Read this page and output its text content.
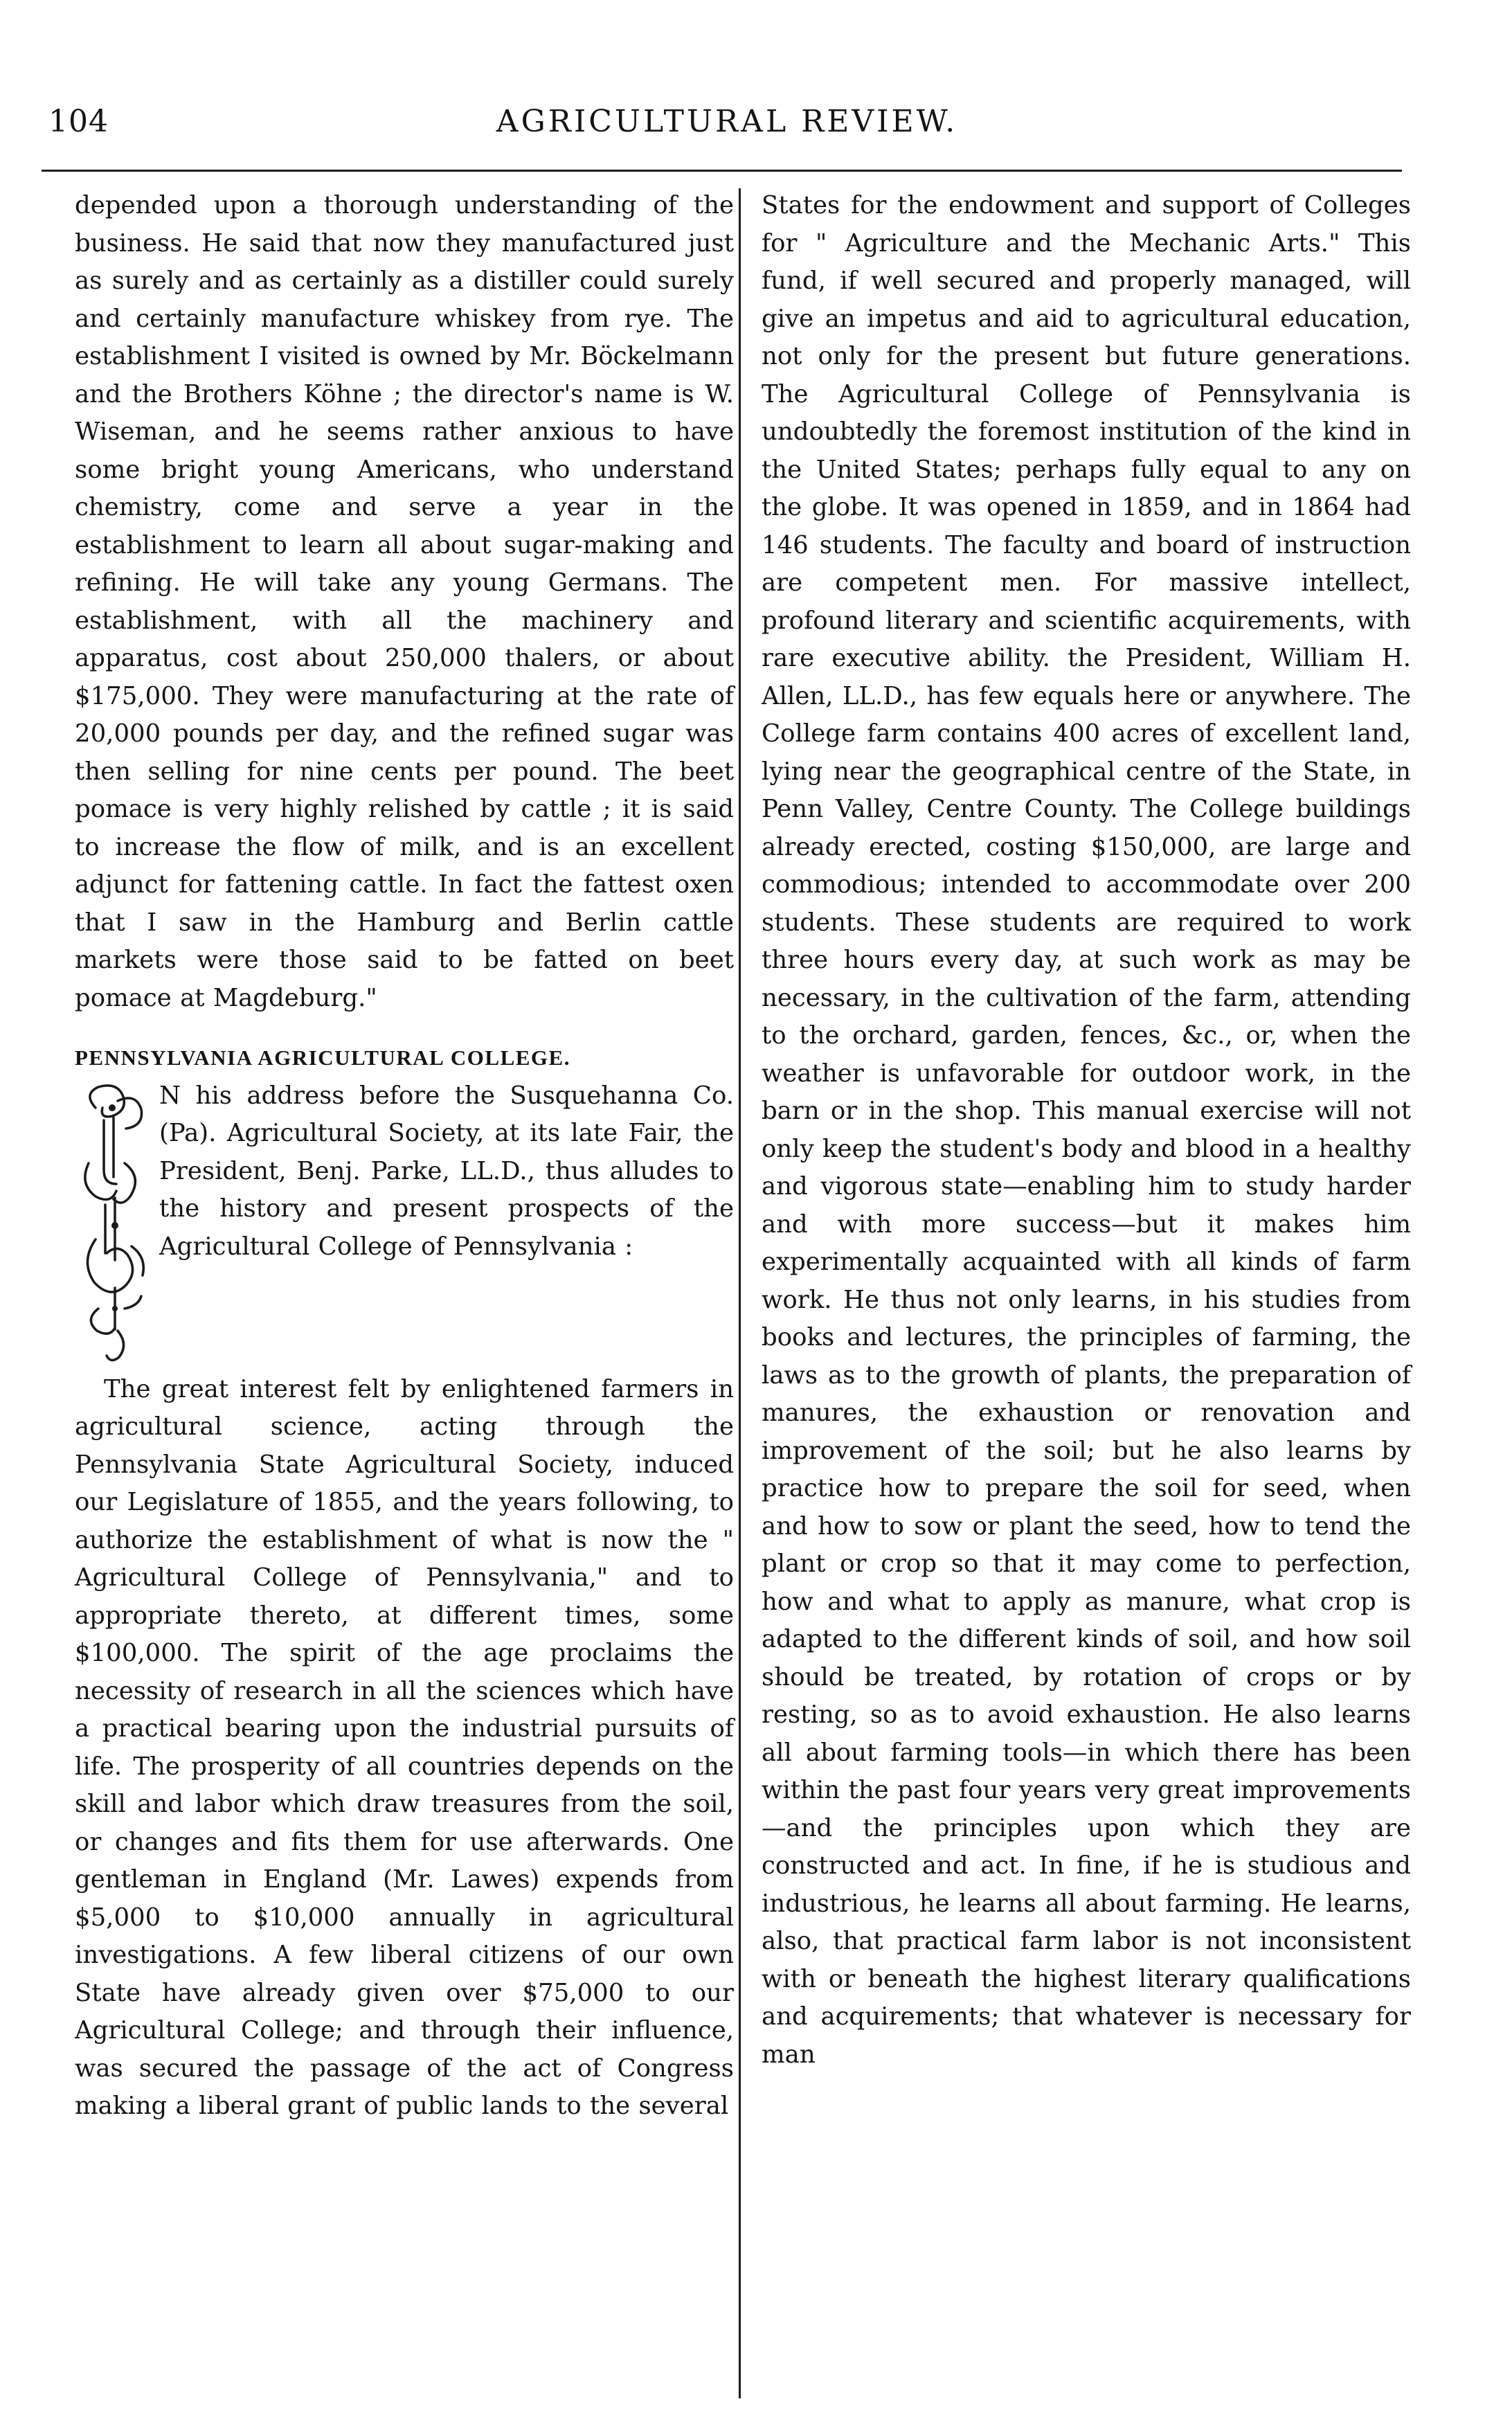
104	AGRICULTURAL REVIEW.

depended upon a thorough understanding of the business. He said that now they manufactured just as surely and as certainly as a distiller could surely and certainly manufacture whiskey from rye. The establishment I visited is owned by Mr. Böckelmann and the Brothers Köhne ; the director's name is W. Wiseman, and he seems rather anxious to have some bright young Americans, who understand chemistry, come and serve a year in the establishment to learn all about sugar-making and refining. He will take any young Germans. The establishment, with all the machinery and apparatus, cost about 250,000 thalers, or about $175,000. They were manufacturing at the rate of 20,000 pounds per day, and the refined sugar was then selling for nine cents per pound. The beet pomace is very highly relished by cattle ; it is said to increase the flow of milk, and is an excellent adjunct for fattening cattle. In fact the fattest oxen that I saw in the Hamburg and Berlin cattle markets were those said to be fatted on beet pomace at Magdeburg."

PENNSYLVANIA AGRICULTURAL COLLEGE.

N his address before the Susquehanna Co. (Pa). Agricultural Society, at its late Fair, the President, Benj. Parke, LL.D., thus alludes to the history and present prospects of the Agricultural College of Pennsylvania :

The great interest felt by enlightened farmers in agricultural science, acting through the Pennsylvania State Agricultural Society, induced our Legislature of 1855, and the years following, to authorize the establishment of what is now the " Agricultural College of Pennsylvania," and to appropriate thereto, at different times, some $100,000. The spirit of the age proclaims the necessity of research in all the sciences which have a practical bearing upon the industrial pursuits of life. The prosperity of all countries depends on the skill and labor which draw treasures from the soil, or changes and fits them for use afterwards. One gentleman in England (Mr. Lawes) expends from $5,000 to $10,000 annually in agricultural investigations. A few liberal citizens of our own State have already given over $75,000 to our Agricultural College; and through their influence, was secured the passage of the act of Congress making a liberal grant of public lands to the several

States for the endowment and support of Colleges for " Agriculture and the Mechanic Arts." This fund, if well secured and properly managed, will give an impetus and aid to agricultural education, not only for the present but future generations. The Agricultural College of Pennsylvania is undoubtedly the foremost institution of the kind in the United States; perhaps fully equal to any on the globe. It was opened in 1859, and in 1864 had 146 students. The faculty and board of instruction are competent men. For massive intellect, profound literary and scientific acquirements, with rare executive ability. the President, William H. Allen, LL.D., has few equals here or anywhere. The College farm contains 400 acres of excellent land, lying near the geographical centre of the State, in Penn Valley, Centre County. The College buildings already erected, costing $150,000, are large and commodious; intended to accommodate over 200 students. These students are required to work three hours every day, at such work as may be necessary, in the cultivation of the farm, attending to the orchard, garden, fences, &c., or, when the weather is unfavorable for outdoor work, in the barn or in the shop. This manual exercise will not only keep the student's body and blood in a healthy and vigorous state—enabling him to study harder and with more success—but it makes him experimentally acquainted with all kinds of farm work. He thus not only learns, in his studies from books and lectures, the principles of farming, the laws as to the growth of plants, the preparation of manures, the exhaustion or renovation and improvement of the soil; but he also learns by practice how to prepare the soil for seed, when and how to sow or plant the seed, how to tend the plant or crop so that it may come to perfection, how and what to apply as manure, what crop is adapted to the different kinds of soil, and how soil should be treated, by rotation of crops or by resting, so as to avoid exhaustion. He also learns all about farming tools—in which there has been within the past four years very great improvements—and the principles upon which they are constructed and act. In fine, if he is studious and industrious, he learns all about farming. He learns, also, that practical farm labor is not inconsistent with or beneath the highest literary qualifications and acquirements; that whatever is necessary for man
